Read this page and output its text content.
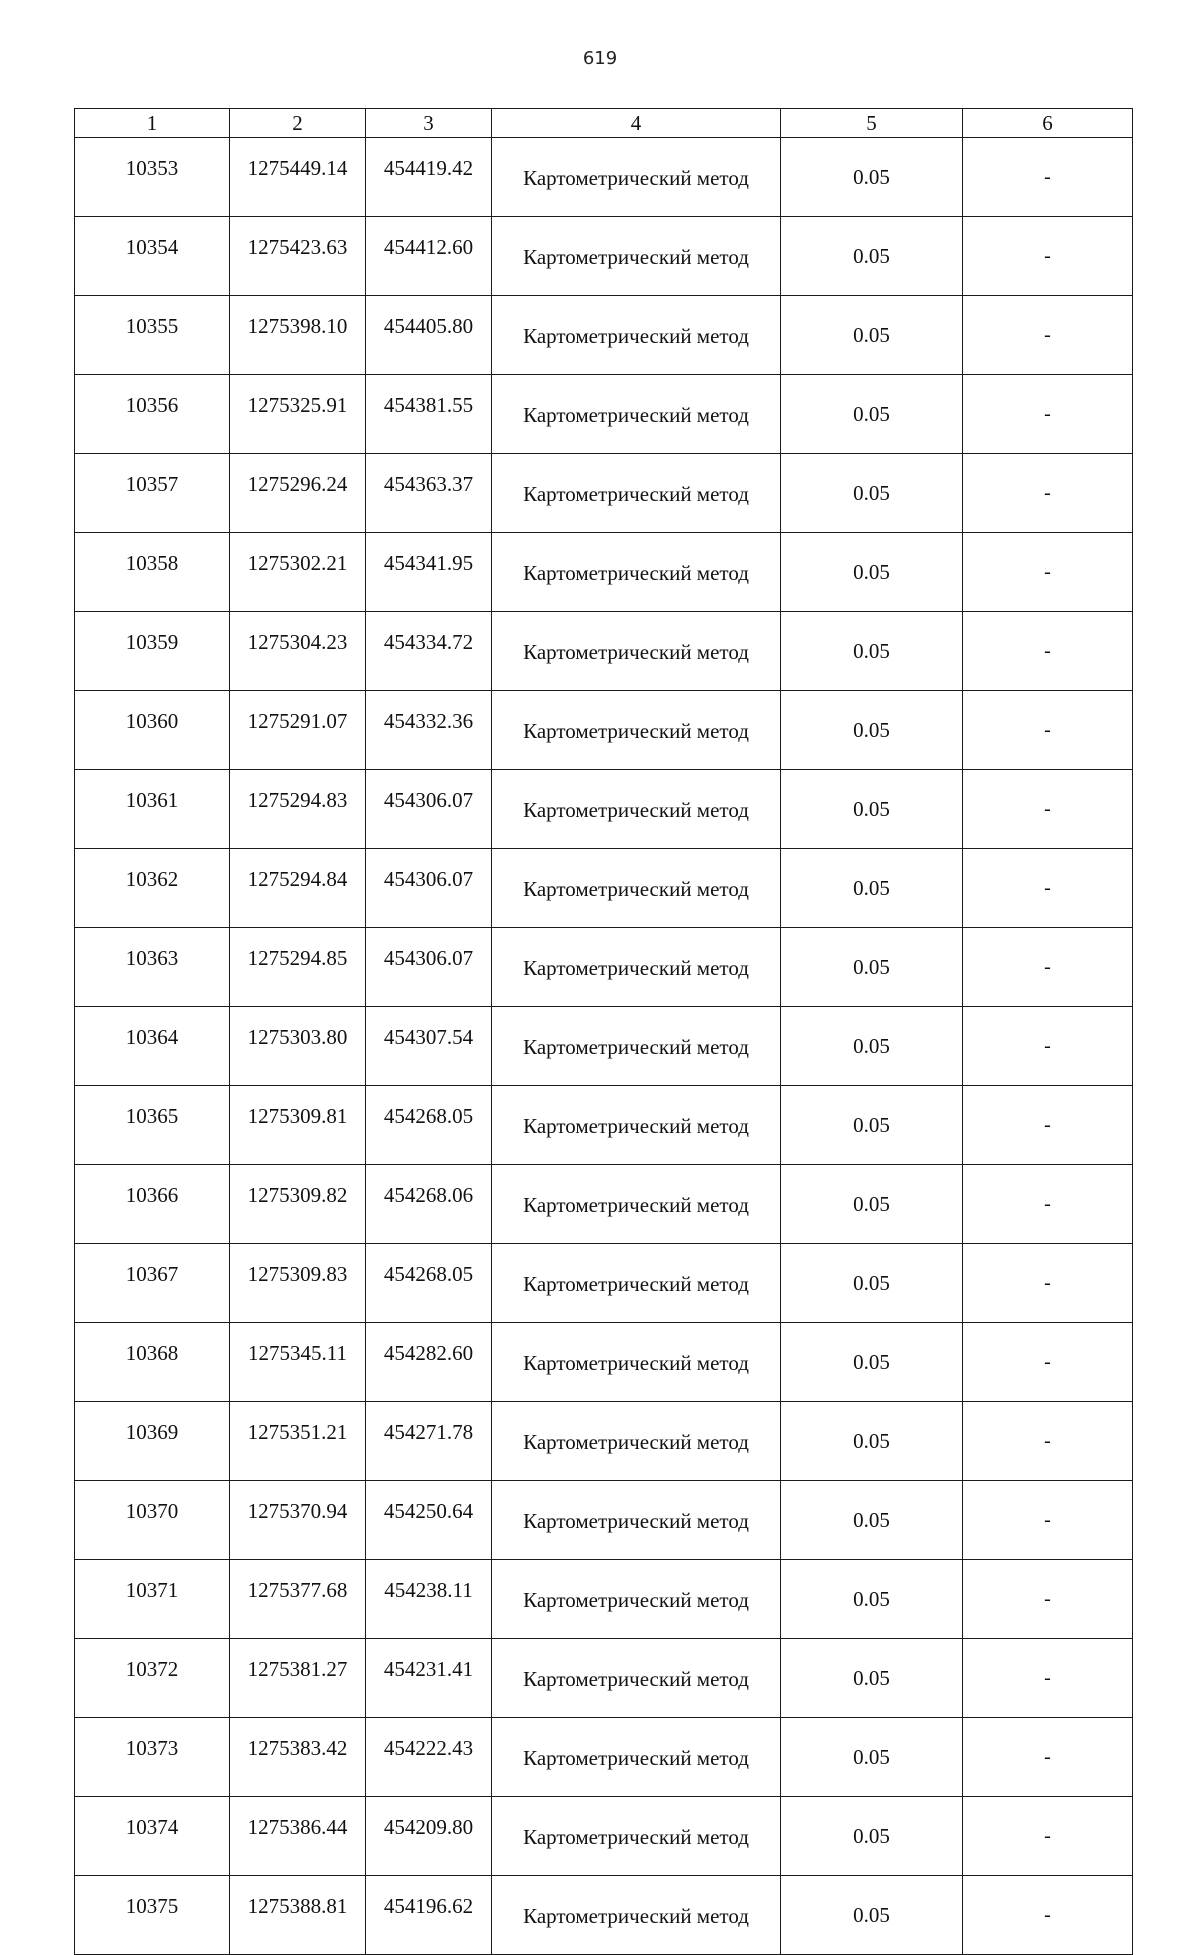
619
1	2	3	4	5	6
10353	1275449.14	454419.42	Картометрический метод	0.05	-
10354	1275423.63	454412.60	Картометрический метод	0.05	-
10355	1275398.10	454405.80	Картометрический метод	0.05	-
10356	1275325.91	454381.55	Картометрический метод	0.05	-
10357	1275296.24	454363.37	Картометрический метод	0.05	-
10358	1275302.21	454341.95	Картометрический метод	0.05	-
10359	1275304.23	454334.72	Картометрический метод	0.05	-
10360	1275291.07	454332.36	Картометрический метод	0.05	-
10361	1275294.83	454306.07	Картометрический метод	0.05	-
10362	1275294.84	454306.07	Картометрический метод	0.05	-
10363	1275294.85	454306.07	Картометрический метод	0.05	-
10364	1275303.80	454307.54	Картометрический метод	0.05	-
10365	1275309.81	454268.05	Картометрический метод	0.05	-
10366	1275309.82	454268.06	Картометрический метод	0.05	-
10367	1275309.83	454268.05	Картометрический метод	0.05	-
10368	1275345.11	454282.60	Картометрический метод	0.05	-
10369	1275351.21	454271.78	Картометрический метод	0.05	-
10370	1275370.94	454250.64	Картометрический метод	0.05	-
10371	1275377.68	454238.11	Картометрический метод	0.05	-
10372	1275381.27	454231.41	Картометрический метод	0.05	-
10373	1275383.42	454222.43	Картометрический метод	0.05	-
10374	1275386.44	454209.80	Картометрический метод	0.05	-
10375	1275388.81	454196.62	Картометрический метод	0.05	-
